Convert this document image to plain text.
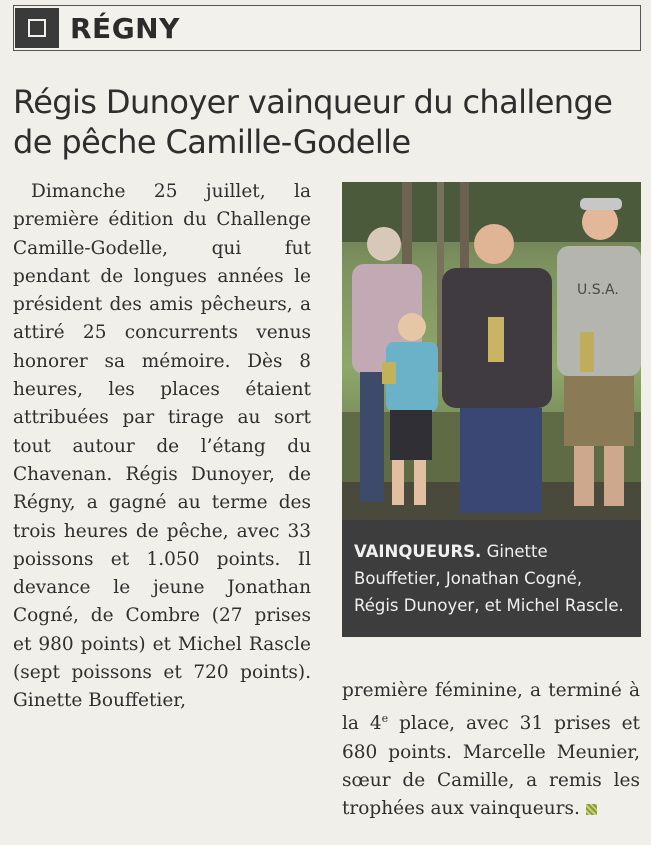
RÉGNY
Régis Dunoyer vainqueur du challenge de pêche Camille-Godelle

Dimanche 25 juillet, la première édition du Challenge Camille-Godelle, qui fut pendant de longues années le président des amis pêcheurs, a attiré 25 concurrents venus honorer sa mémoire. Dès 8 heures, les places étaient attribuées par tirage au sort tout autour de l’étang du Chavenan. Régis Dunoyer, de Régny, a gagné au terme des trois heures de pêche, avec 33 poissons et 1.050 points. Il devance le jeune Jonathan Cogné, de Combre (27 prises et 980 points) et Michel Rascle (sept poissons et 720 points). Ginette Bouffetier,

U.S.A.
VAINQUEURS. Ginette Bouffetier, Jonathan Cogné, Régis Dunoyer, et Michel Rascle.

première féminine, a terminé à la 4e place, avec 31 prises et 680 points. Marcelle Meunier, sœur de Camille, a remis les trophées aux vainqueurs.
